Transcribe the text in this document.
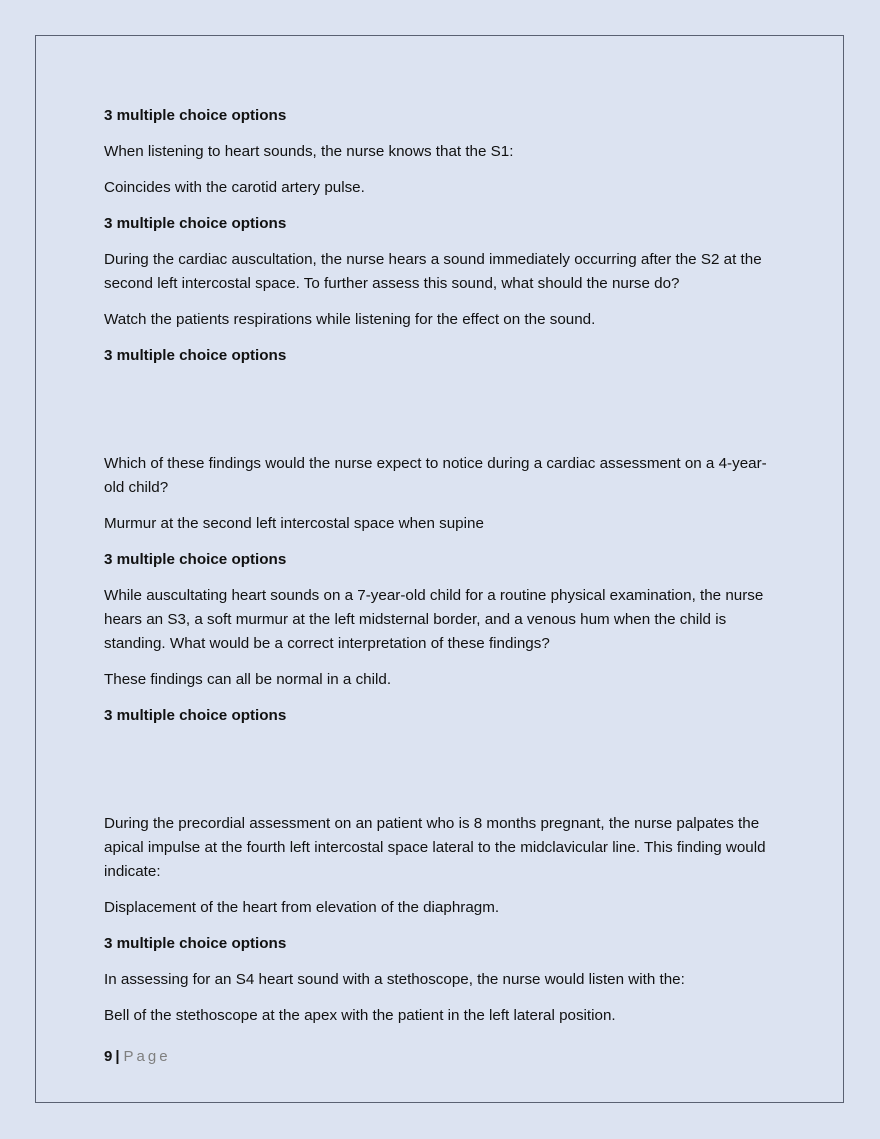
3 multiple choice options

When listening to heart sounds, the nurse knows that the S1:

Coincides with the carotid artery pulse.

3 multiple choice options

During the cardiac auscultation, the nurse hears a sound immediately occurring after the S2 at the second left intercostal space. To further assess this sound, what should the nurse do?

Watch the patients respirations while listening for the effect on the sound.

3 multiple choice options

Which of these findings would the nurse expect to notice during a cardiac assessment on a 4-year-old child?

Murmur at the second left intercostal space when supine

3 multiple choice options

While auscultating heart sounds on a 7-year-old child for a routine physical examination, the nurse hears an S3, a soft murmur at the left midsternal border, and a venous hum when the child is standing. What would be a correct interpretation of these findings?

These findings can all be normal in a child.

3 multiple choice options

During the precordial assessment on an patient who is 8 months pregnant, the nurse palpates the apical impulse at the fourth left intercostal space lateral to the midclavicular line. This finding would indicate:

Displacement of the heart from elevation of the diaphragm.

3 multiple choice options

In assessing for an S4 heart sound with a stethoscope, the nurse would listen with the:

Bell of the stethoscope at the apex with the patient in the left lateral position.

9 | Page
